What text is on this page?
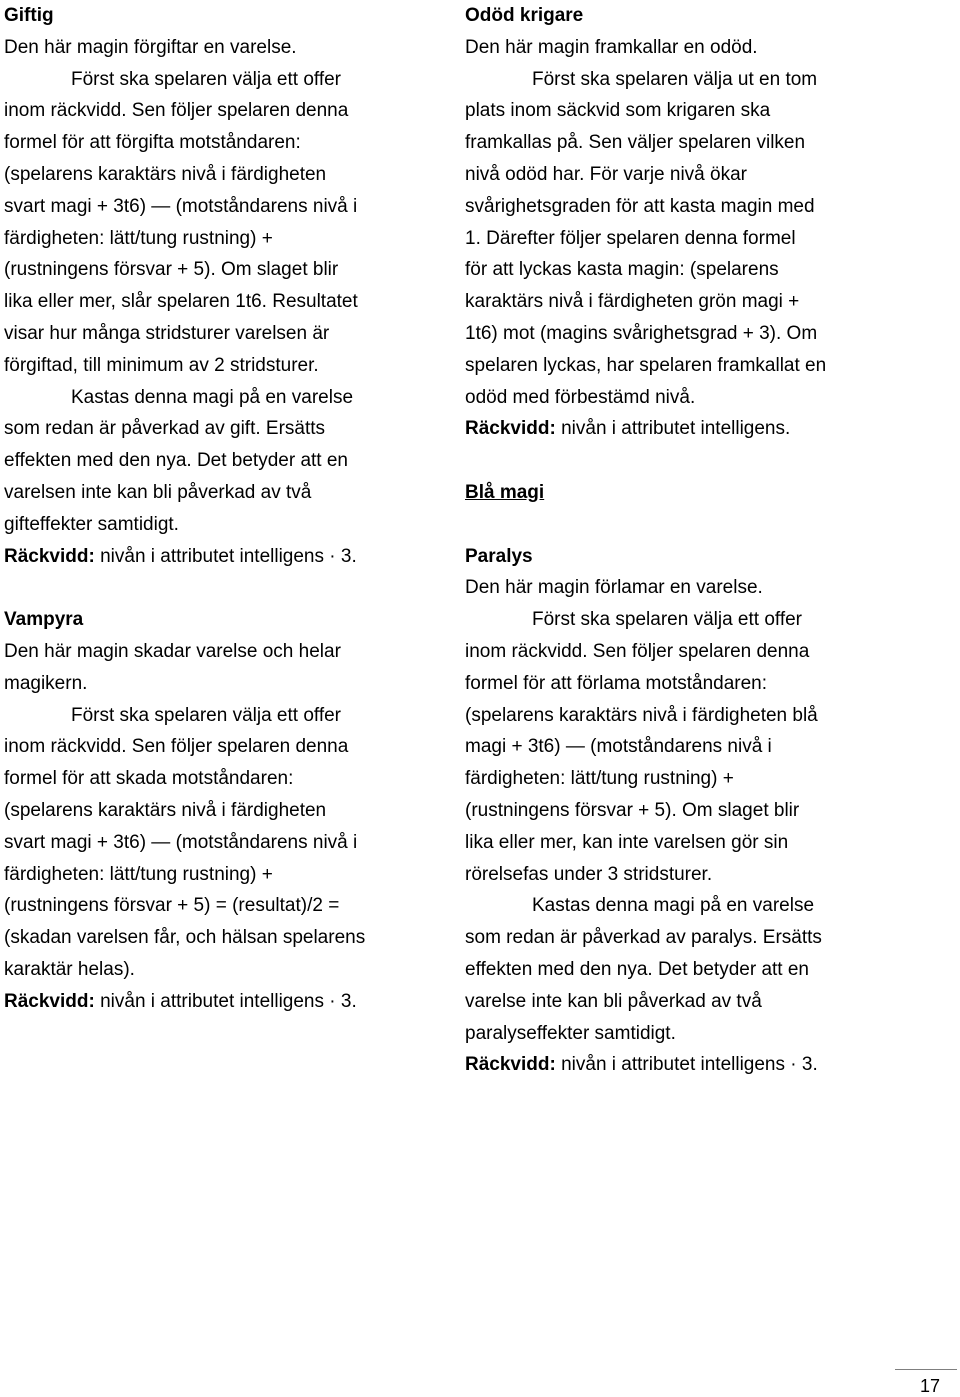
Giftig
Den här magin förgiftar en varelse.
Först ska spelaren välja ett offer
inom räckvidd. Sen följer spelaren denna
formel för att förgifta motståndaren:
(spelarens karaktärs nivå i färdigheten
svart magi + 3t6) — (motståndarens nivå i
färdigheten: lätt/tung rustning) +
(rustningens försvar + 5). Om slaget blir
lika eller mer, slår spelaren 1t6. Resultatet
visar hur många stridsturer varelsen är
förgiftad, till minimum av 2 stridsturer.
Kastas denna magi på en varelse
som redan är påverkad av gift. Ersätts
effekten med den nya. Det betyder att en
varelsen inte kan bli påverkad av två
gifteffekter samtidigt.
Räckvidd: nivån i attributet intelligens · 3.
Vampyra
Den här magin skadar varelse och helar
magikern.
Först ska spelaren välja ett offer
inom räckvidd. Sen följer spelaren denna
formel för att skada motståndaren:
(spelarens karaktärs nivå i färdigheten
svart magi + 3t6) — (motståndarens nivå i
färdigheten: lätt/tung rustning) +
(rustningens försvar + 5) = (resultat)/2 =
(skadan varelsen får, och hälsan spelarens
karaktär helas).
Räckvidd: nivån i attributet intelligens · 3.
Odöd krigare
Den här magin framkallar en odöd.
Först ska spelaren välja ut en tom
plats inom säckvid som krigaren ska
framkallas på. Sen väljer spelaren vilken
nivå odöd har. För varje nivå ökar
svårighetsgraden för att kasta magin med
1. Därefter följer spelaren denna formel
för att lyckas kasta magin: (spelarens
karaktärs nivå i färdigheten grön magi +
1t6) mot (magins svårighetsgrad + 3). Om
spelaren lyckas, har spelaren framkallat en
odöd med förbestämd nivå.
Räckvidd: nivån i attributet intelligens.
Blå magi
Paralys
Den här magin förlamar en varelse.
Först ska spelaren välja ett offer
inom räckvidd. Sen följer spelaren denna
formel för att förlama motståndaren:
(spelarens karaktärs nivå i färdigheten blå
magi + 3t6) — (motståndarens nivå i
färdigheten: lätt/tung rustning) +
(rustningens försvar + 5). Om slaget blir
lika eller mer, kan inte varelsen gör sin
rörelsefas under 3 stridsturer.
Kastas denna magi på en varelse
som redan är påverkad av paralys. Ersätts
effekten med den nya. Det betyder att en
varelse inte kan bli påverkad av två
paralyseffekter samtidigt.
Räckvidd: nivån i attributet intelligens · 3.
17
